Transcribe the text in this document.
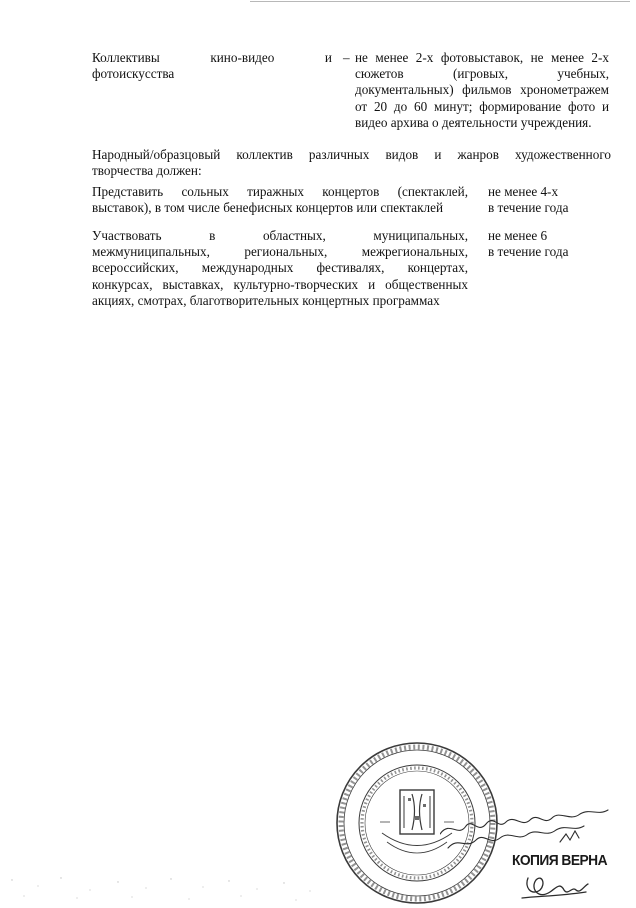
Коллективы кино-видео и
фотоискусства
– не менее 2-х фотовыставок, не менее 2-х
сюжетов (игровых, учебных,
документальных) фильмов хронометражем
от 20 до 60 минут; формирование фото и
видео архива о деятельности учреждения.
Народный/образцовый коллектив различных видов и жанров художественного
творчества должен:
Представить сольных тиражных концертов (спектаклей,
выставок), в том числе бенефисных концертов или спектаклей
не менее 4-х
в течение года
Участвовать в областных, муниципальных,
межмуниципальных, региональных, межрегиональных,
всероссийских, международных фестивалях, концертах,
конкурсах, выставках, культурно-творческих и общественных
акциях, смотрах, благотворительных концертных программах
не менее 6
в течение года
КОПИЯ ВЕРНА
